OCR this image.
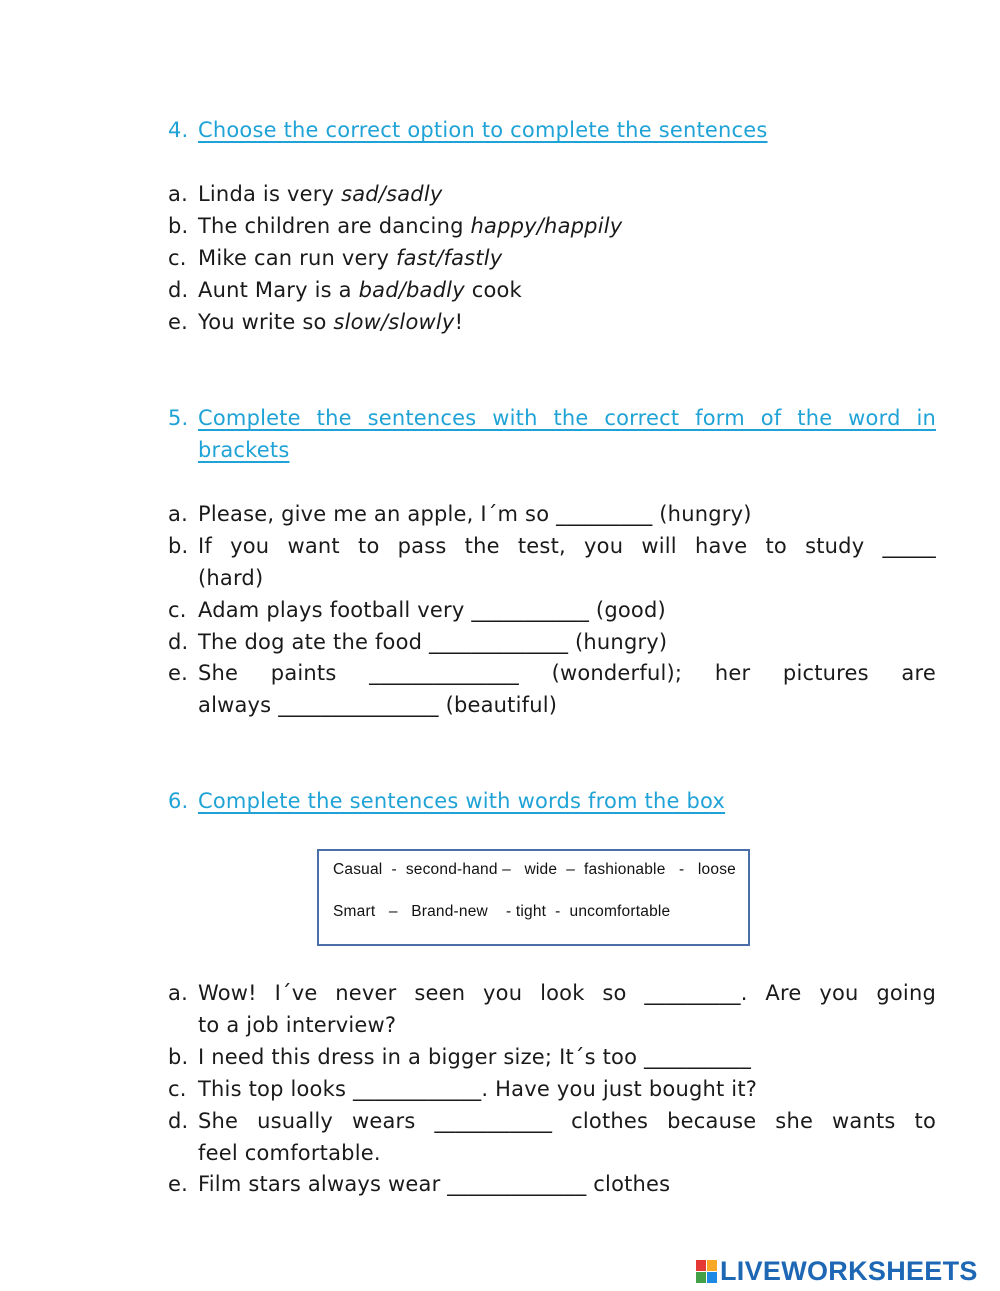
4. Choose the correct option to complete the sentences
a. Linda is very sad/sadly
b. The children are dancing happy/happily
c. Mike can run very fast/fastly
d. Aunt Mary is a bad/badly cook
e. You write so slow/slowly!
5. Complete the sentences with the correct form of the word in
brackets
a. Please, give me an apple, I´m so _________ (hungry)
b. If you want to pass the test, you will have to study _____
(hard)
c. Adam plays football very ___________ (good)
d. The dog ate the food _____________ (hungry)
e. She paints ______________ (wonderful); her pictures are
always _______________ (beautiful)
6. Complete the sentences with words from the box
Casual  -  second-hand –   wide  –  fashionable   -   loose
Smart   –   Brand-new    - tight  -  uncomfortable
a. Wow! I´ve never seen you look so _________. Are you going
to a job interview?
b. I need this dress in a bigger size; It´s too __________
c. This top looks ____________. Have you just bought it?
d. She usually wears ___________ clothes because she wants to
feel comfortable.
e. Film stars always wear _____________ clothes
LIVEWORKSHEETS
